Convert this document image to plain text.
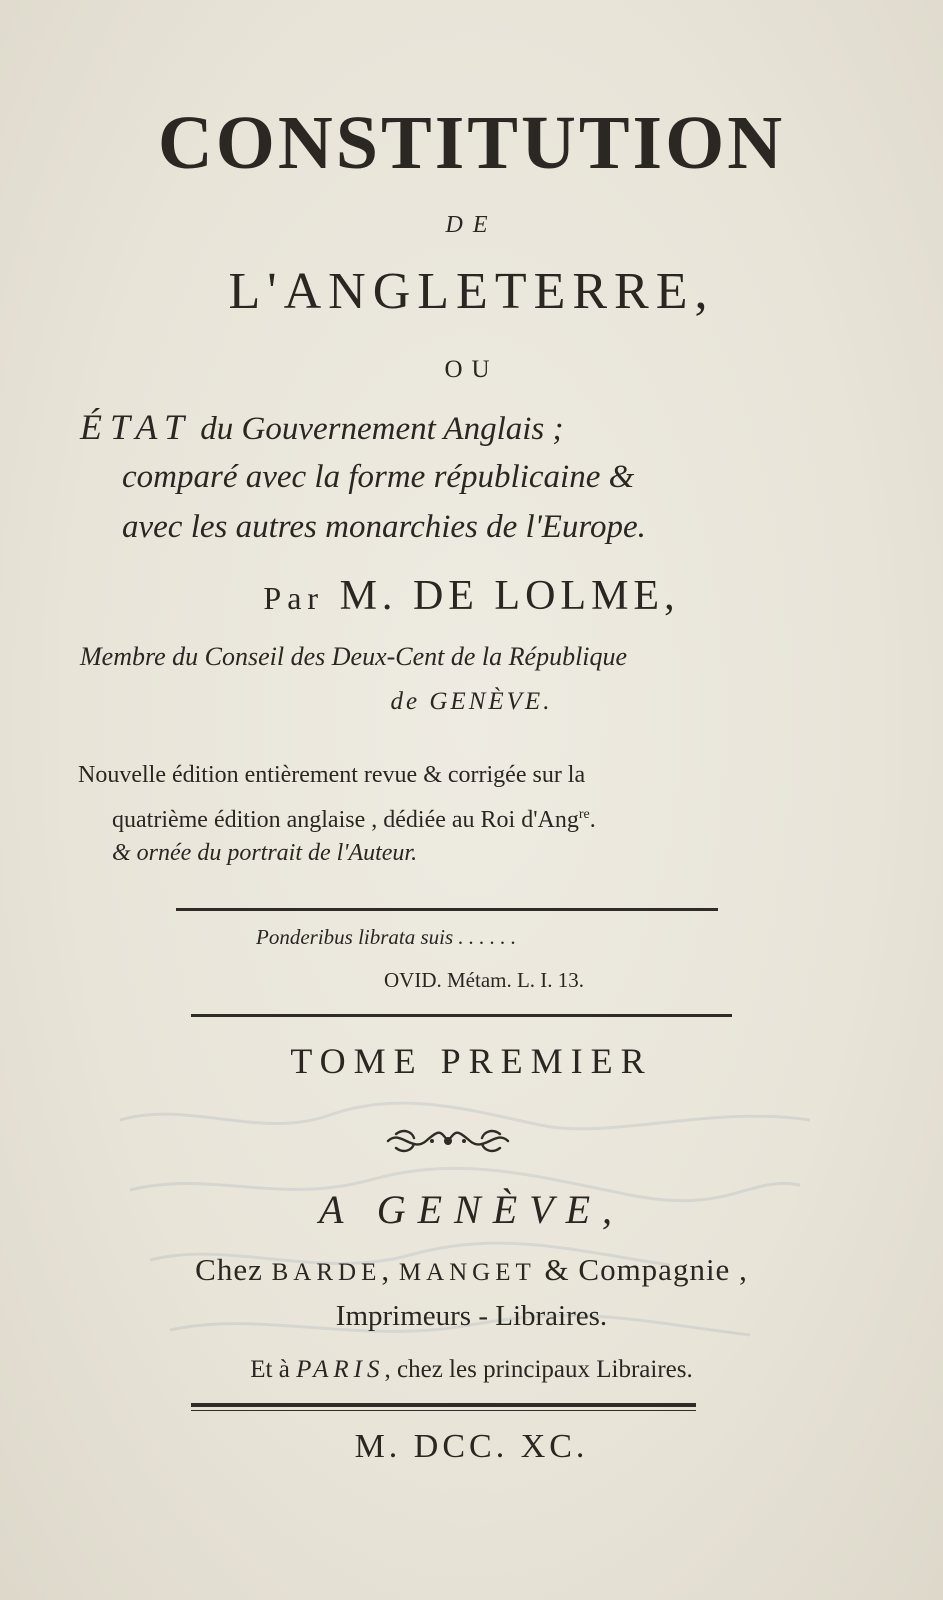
CONSTITUTION
DE
L'ANGLETERRE,
OU
ÉTAT du Gouvernement Anglais ;
comparé avec la forme républicaine &
avec les autres monarchies de l'Europe.
Par M. DE LOLME,
Membre du Conseil des Deux-Cent de la République
de GENÈVE.
Nouvelle édition entièrement revue & corrigée sur la
quatrième édition anglaise , dédiée au Roi d'Ang$^{re}$.
& ornée du portrait de l'Auteur.
Ponderibus librata suis . . . . . .
OVID. Métam. L. I. 13.
TOME PREMIER
A GENÈVE,
Chez BARDE, MANGET & Compagnie ,
Imprimeurs - Libraires.
Et à PARIS, chez les principaux Libraires.
M. DCC. XC.
